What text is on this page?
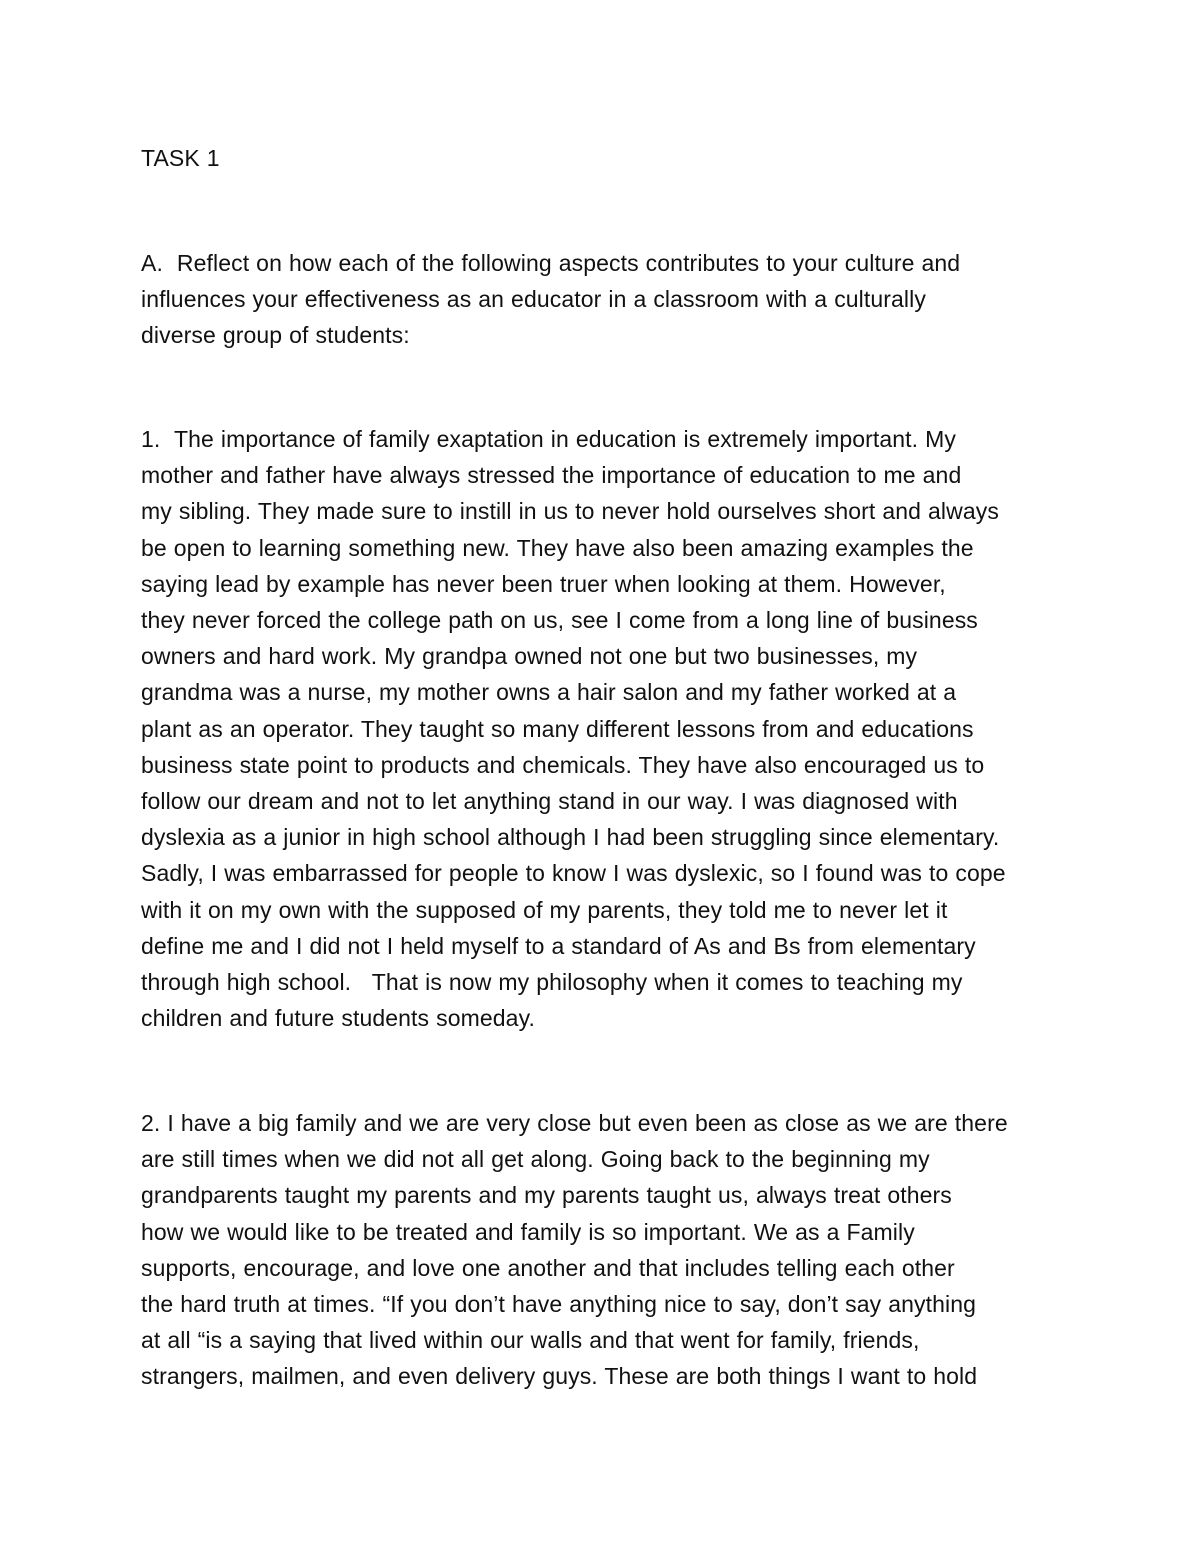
TASK 1

A.  Reflect on how each of the following aspects contributes to your culture and
influences your effectiveness as an educator in a classroom with a culturally
diverse group of students:

1.  The importance of family exaptation in education is extremely important. My
mother and father have always stressed the importance of education to me and
my sibling. They made sure to instill in us to never hold ourselves short and always
be open to learning something new. They have also been amazing examples the
saying lead by example has never been truer when looking at them. However,
they never forced the college path on us, see I come from a long line of business
owners and hard work. My grandpa owned not one but two businesses, my
grandma was a nurse, my mother owns a hair salon and my father worked at a
plant as an operator. They taught so many different lessons from and educations
business state point to products and chemicals. They have also encouraged us to
follow our dream and not to let anything stand in our way. I was diagnosed with
dyslexia as a junior in high school although I had been struggling since elementary.
Sadly, I was embarrassed for people to know I was dyslexic, so I found was to cope
with it on my own with the supposed of my parents, they told me to never let it
define me and I did not I held myself to a standard of As and Bs from elementary
through high school.   That is now my philosophy when it comes to teaching my
children and future students someday.

2. I have a big family and we are very close but even been as close as we are there
are still times when we did not all get along. Going back to the beginning my
grandparents taught my parents and my parents taught us, always treat others
how we would like to be treated and family is so important. We as a Family
supports, encourage, and love one another and that includes telling each other
the hard truth at times. “If you don’t have anything nice to say, don’t say anything
at all “is a saying that lived within our walls and that went for family, friends,
strangers, mailmen, and even delivery guys. These are both things I want to hold
